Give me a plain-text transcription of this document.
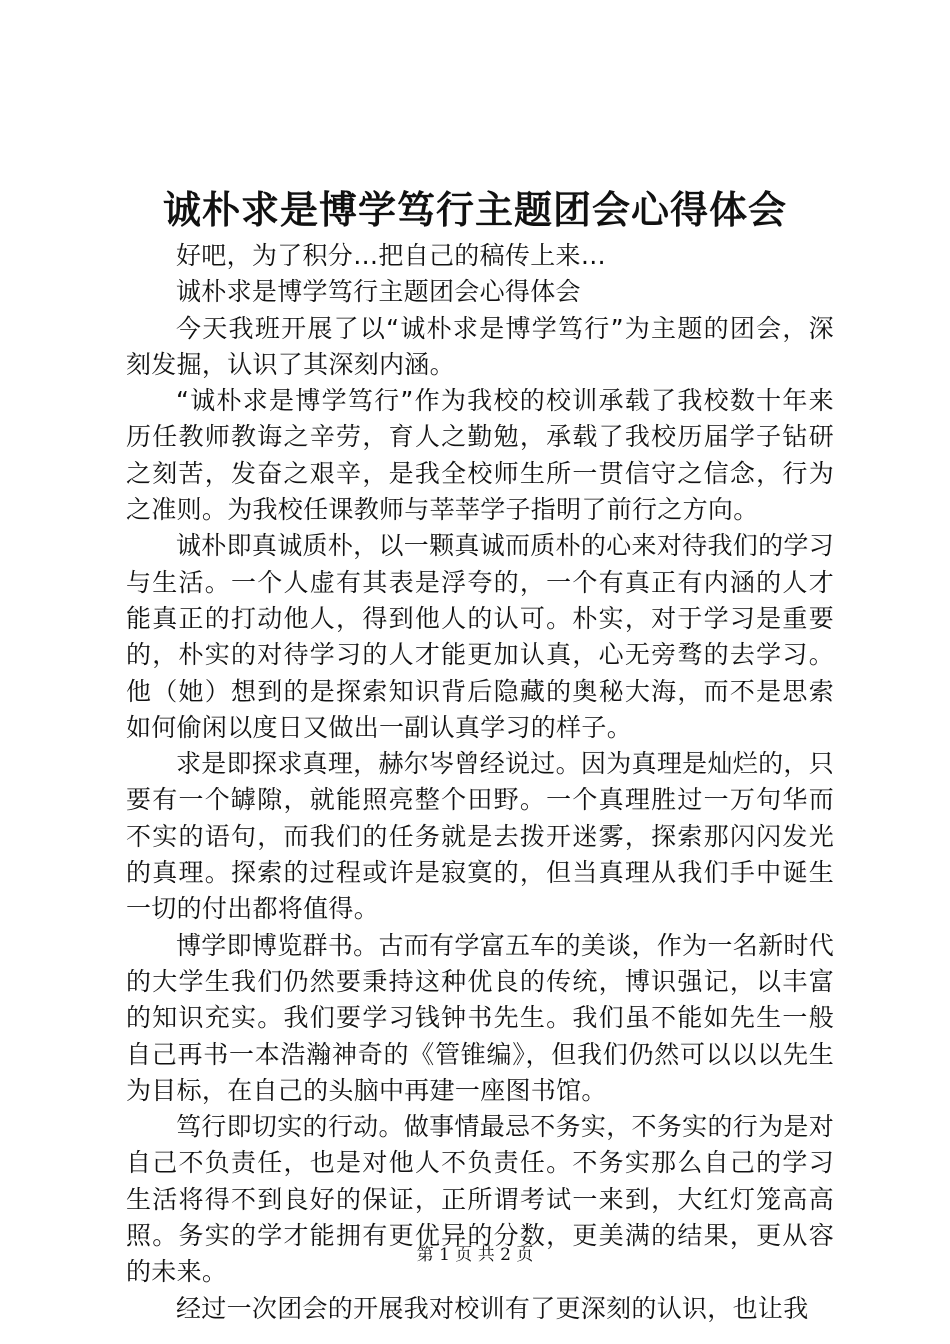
诚朴求是博学笃行主题团会心得体会

好吧，为了积分…把自己的稿传上来…

诚朴求是博学笃行主题团会心得体会

今天我班开展了以“诚朴求是博学笃行”为主题的团会，深刻发掘，认识了其深刻内涵。

“诚朴求是博学笃行”作为我校的校训承载了我校数十年来历任教师教诲之辛劳，育人之勤勉，承载了我校历届学子钻研之刻苦，发奋之艰辛，是我全校师生所一贯信守之信念，行为之准则。为我校任课教师与莘莘学子指明了前行之方向。

诚朴即真诚质朴，以一颗真诚而质朴的心来对待我们的学习与生活。一个人虚有其表是浮夸的，一个有真正有内涵的人才能真正的打动他人，得到他人的认可。朴实，对于学习是重要的，朴实的对待学习的人才能更加认真，心无旁骛的去学习。他（她）想到的是探索知识背后隐藏的奥秘大海，而不是思索如何偷闲以度日又做出一副认真学习的样子。

求是即探求真理，赫尔岑曾经说过。因为真理是灿烂的，只要有一个罅隙，就能照亮整个田野。一个真理胜过一万句华而不实的语句，而我们的任务就是去拨开迷雾，探索那闪闪发光的真理。探索的过程或许是寂寞的，但当真理从我们手中诞生一切的付出都将值得。

博学即博览群书。古而有学富五车的美谈，作为一名新时代的大学生我们仍然要秉持这种优良的传统，博识强记，以丰富的知识充实。我们要学习钱钟书先生。我们虽不能如先生一般自己再书一本浩瀚神奇的《管锥编》，但我们仍然可以以以先生为目标，在自己的头脑中再建一座图书馆。

笃行即切实的行动。做事情最忌不务实，不务实的行为是对自己不负责任，也是对他人不负责任。不务实那么自己的学习生活将得不到良好的保证，正所谓考试一来到，大红灯笼高高照。务实的学才能拥有更优异的分数，更美满的结果，更从容的未来。

经过一次团会的开展我对校训有了更深刻的认识，也让我

第 1 页 共 2 页
